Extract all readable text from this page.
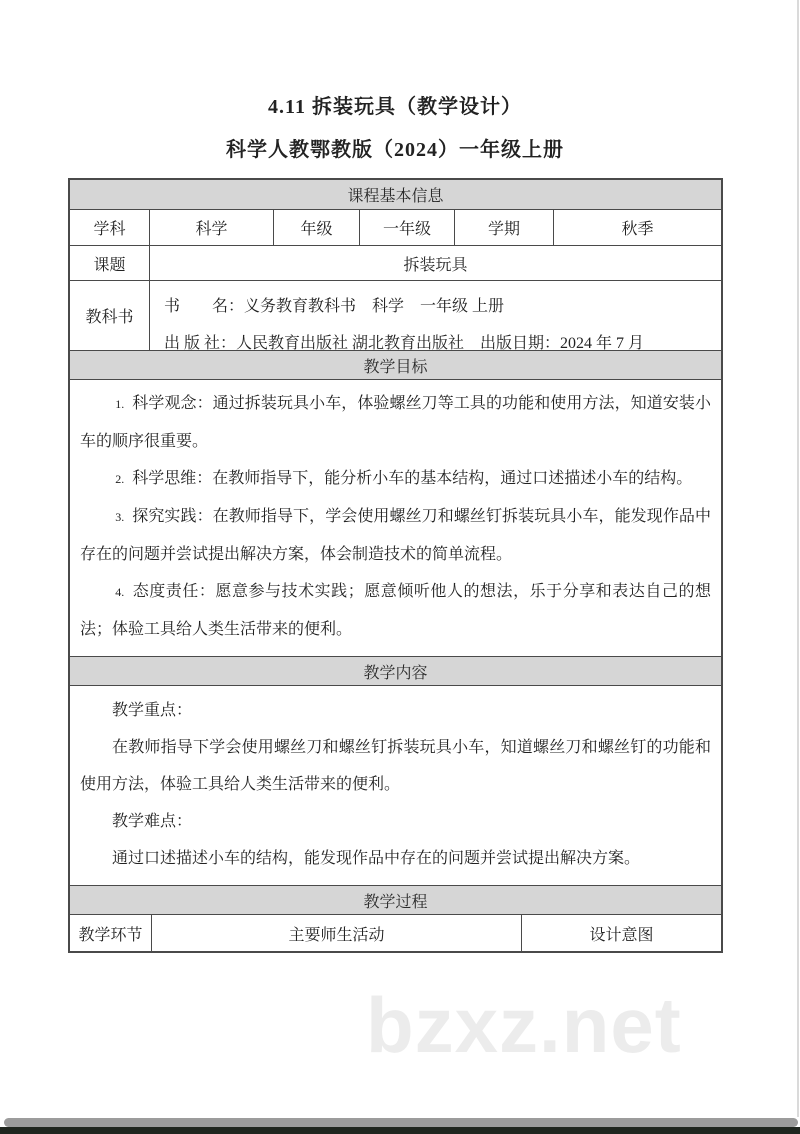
4.11 拆装玩具（教学设计）
科学人教鄂教版（2024）一年级上册
课程基本信息
学科	科学	年级	一年级	学期	秋季
课题	拆装玩具
教科书
书　　名：义务教育教科书　科学　一年级 上册
出 版 社：人民教育出版社 湖北教育出版社　出版日期：2024 年 7 月
教学目标

1. 科学观念：通过拆装玩具小车，体验螺丝刀等工具的功能和使用方法，知道安装小车的顺序很重要。

2. 科学思维：在教师指导下，能分析小车的基本结构，通过口述描述小车的结构。

3. 探究实践：在教师指导下，学会使用螺丝刀和螺丝钉拆装玩具小车，能发现作品中存在的问题并尝试提出解决方案，体会制造技术的简单流程。

4. 态度责任：愿意参与技术实践；愿意倾听他人的想法，乐于分享和表达自己的想法；体验工具给人类生活带来的便利。

教学内容

教学重点：

在教师指导下学会使用螺丝刀和螺丝钉拆装玩具小车，知道螺丝刀和螺丝钉的功能和使用方法，体验工具给人类生活带来的便利。

教学难点：

通过口述描述小车的结构，能发现作品中存在的问题并尝试提出解决方案。

教学过程
教学环节	主要师生活动	设计意图
bzxz.net
